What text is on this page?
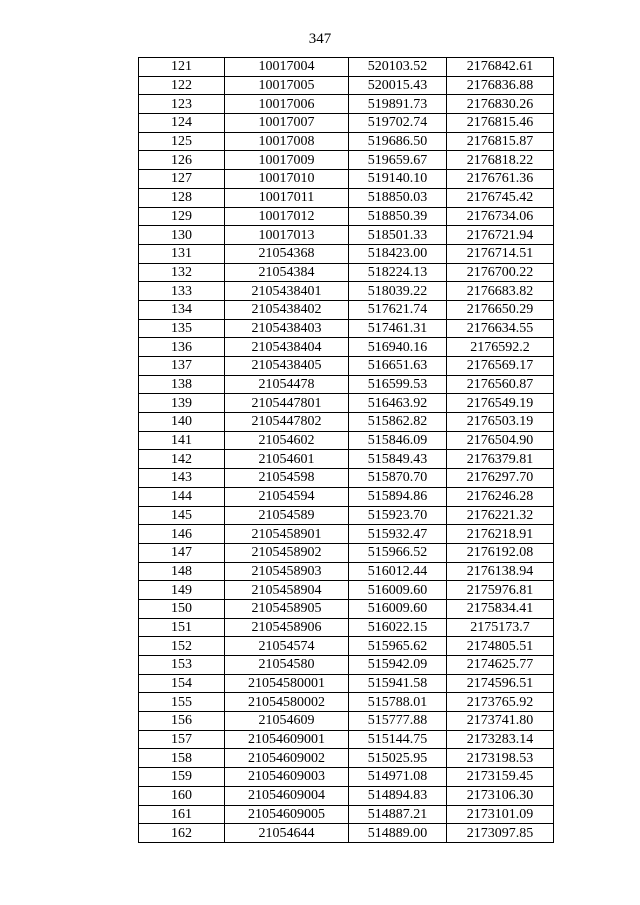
347
121	10017004	520103.52	2176842.61
122	10017005	520015.43	2176836.88
123	10017006	519891.73	2176830.26
124	10017007	519702.74	2176815.46
125	10017008	519686.50	2176815.87
126	10017009	519659.67	2176818.22
127	10017010	519140.10	2176761.36
128	10017011	518850.03	2176745.42
129	10017012	518850.39	2176734.06
130	10017013	518501.33	2176721.94
131	21054368	518423.00	2176714.51
132	21054384	518224.13	2176700.22
133	2105438401	518039.22	2176683.82
134	2105438402	517621.74	2176650.29
135	2105438403	517461.31	2176634.55
136	2105438404	516940.16	2176592.2
137	2105438405	516651.63	2176569.17
138	21054478	516599.53	2176560.87
139	2105447801	516463.92	2176549.19
140	2105447802	515862.82	2176503.19
141	21054602	515846.09	2176504.90
142	21054601	515849.43	2176379.81
143	21054598	515870.70	2176297.70
144	21054594	515894.86	2176246.28
145	21054589	515923.70	2176221.32
146	2105458901	515932.47	2176218.91
147	2105458902	515966.52	2176192.08
148	2105458903	516012.44	2176138.94
149	2105458904	516009.60	2175976.81
150	2105458905	516009.60	2175834.41
151	2105458906	516022.15	2175173.7
152	21054574	515965.62	2174805.51
153	21054580	515942.09	2174625.77
154	21054580001	515941.58	2174596.51
155	21054580002	515788.01	2173765.92
156	21054609	515777.88	2173741.80
157	21054609001	515144.75	2173283.14
158	21054609002	515025.95	2173198.53
159	21054609003	514971.08	2173159.45
160	21054609004	514894.83	2173106.30
161	21054609005	514887.21	2173101.09
162	21054644	514889.00	2173097.85
